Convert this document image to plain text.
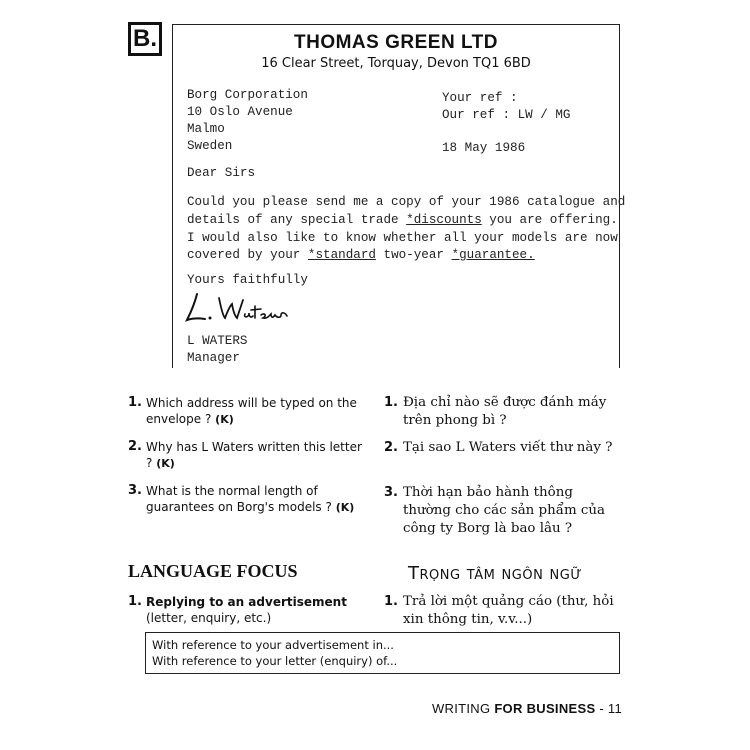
B.	THOMAS GREEN LTD
16 Clear Street, Torquay, Devon TQ1 6BD
Borg Corporation
10 Oslo Avenue
Malmo
Sweden
Your ref :
Our ref : LW / MG
18 May 1986
Dear Sirs
Could you please send me a copy of your 1986 catalogue and
details of any special trade *discounts you are offering.
I would also like to know whether all your models are now
covered by your *standard two-year *guarantee.
Yours faithfully
L WATERS
Manager
1. Which address will be typed on the envelope ? (K)
2. Why has L Waters written this letter ? (K)
3. What is the normal length of guarantees on Borg's models ? (K)
1. Địa chỉ nào sẽ được đánh máy trên phong bì ?
2. Tại sao L Waters viết thư này ?
3. Thời hạn bảo hành thông thường cho các sản phẩm của công ty Borg là bao lâu ?
LANGUAGE FOCUS	Trọng tâm ngôn ngữ
1. Replying to an advertisement (letter, enquiry, etc.)
1. Trả lời một quảng cáo (thư, hỏi xin thông tin, v.v...)
With reference to your advertisement in...
With reference to your letter (enquiry) of...
WRITING FOR BUSINESS - 11
